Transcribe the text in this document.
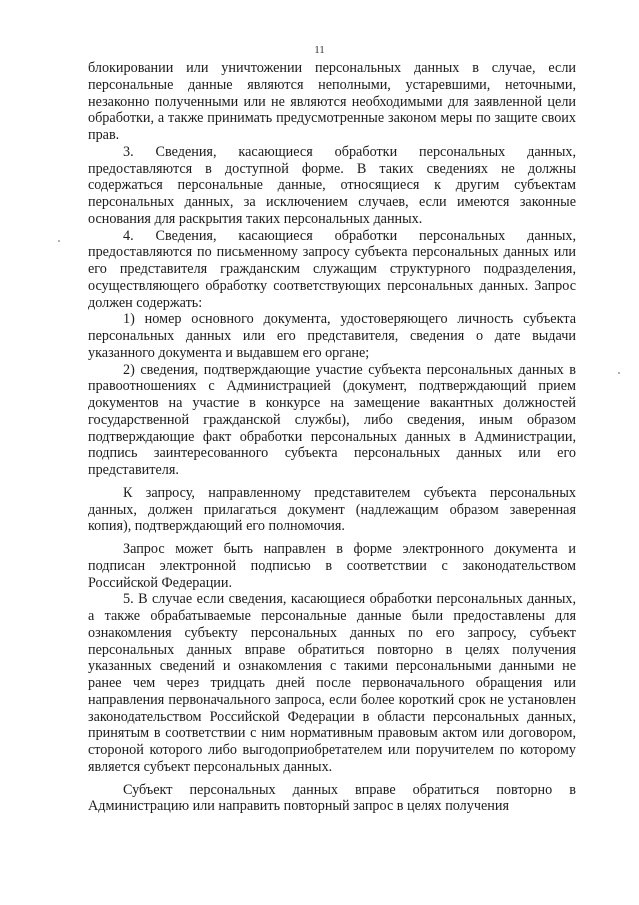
11

блокировании или уничтожении персональных данных в случае, если персональные данные являются неполными, устаревшими, неточными, незаконно полученными или не являются необходимыми для заявленной цели обработки, а также принимать предусмотренные законом меры по защите своих прав.

3. Сведения, касающиеся обработки персональных данных, предоставляются в доступной форме. В таких сведениях не должны содержаться персональные данные, относящиеся к другим субъектам персональных данных, за исключением случаев, если имеются законные основания для раскрытия таких персональных данных.

4. Сведения, касающиеся обработки персональных данных, предоставляются по письменному запросу субъекта персональных данных или его представителя гражданским служащим структурного подразделения, осуществляющего обработку соответствующих персональных данных. Запрос должен содержать:

1) номер основного документа, удостоверяющего личность субъекта персональных данных или его представителя, сведения о дате выдачи указанного документа и выдавшем его органе;

2) сведения, подтверждающие участие субъекта персональных данных в правоотношениях с Администрацией (документ, подтверждающий прием документов на участие в конкурсе на замещение вакантных должностей государственной гражданской службы), либо сведения, иным образом подтверждающие факт обработки персональных данных в Администрации, подпись заинтересованного субъекта персональных данных или его представителя.

К запросу, направленному представителем субъекта персональных данных, должен прилагаться документ (надлежащим образом заверенная копия), подтверждающий его полномочия.

Запрос может быть направлен в форме электронного документа и подписан электронной подписью в соответствии с законодательством Российской Федерации.

5. В случае если сведения, касающиеся обработки персональных данных, а также обрабатываемые персональные данные были предоставлены для ознакомления субъекту персональных данных по его запросу, субъект персональных данных вправе обратиться повторно в целях получения указанных сведений и ознакомления с такими персональными данными не ранее чем через тридцать дней после первоначального обращения или направления первоначального запроса, если более короткий срок не установлен законодательством Российской Федерации в области персональных данных, принятым в соответствии с ним нормативным правовым актом или договором, стороной которого либо выгодоприобретателем или поручителем по которому является субъект персональных данных.

Субъект персональных данных вправе обратиться повторно в Администрацию или направить повторный запрос в целях получения
